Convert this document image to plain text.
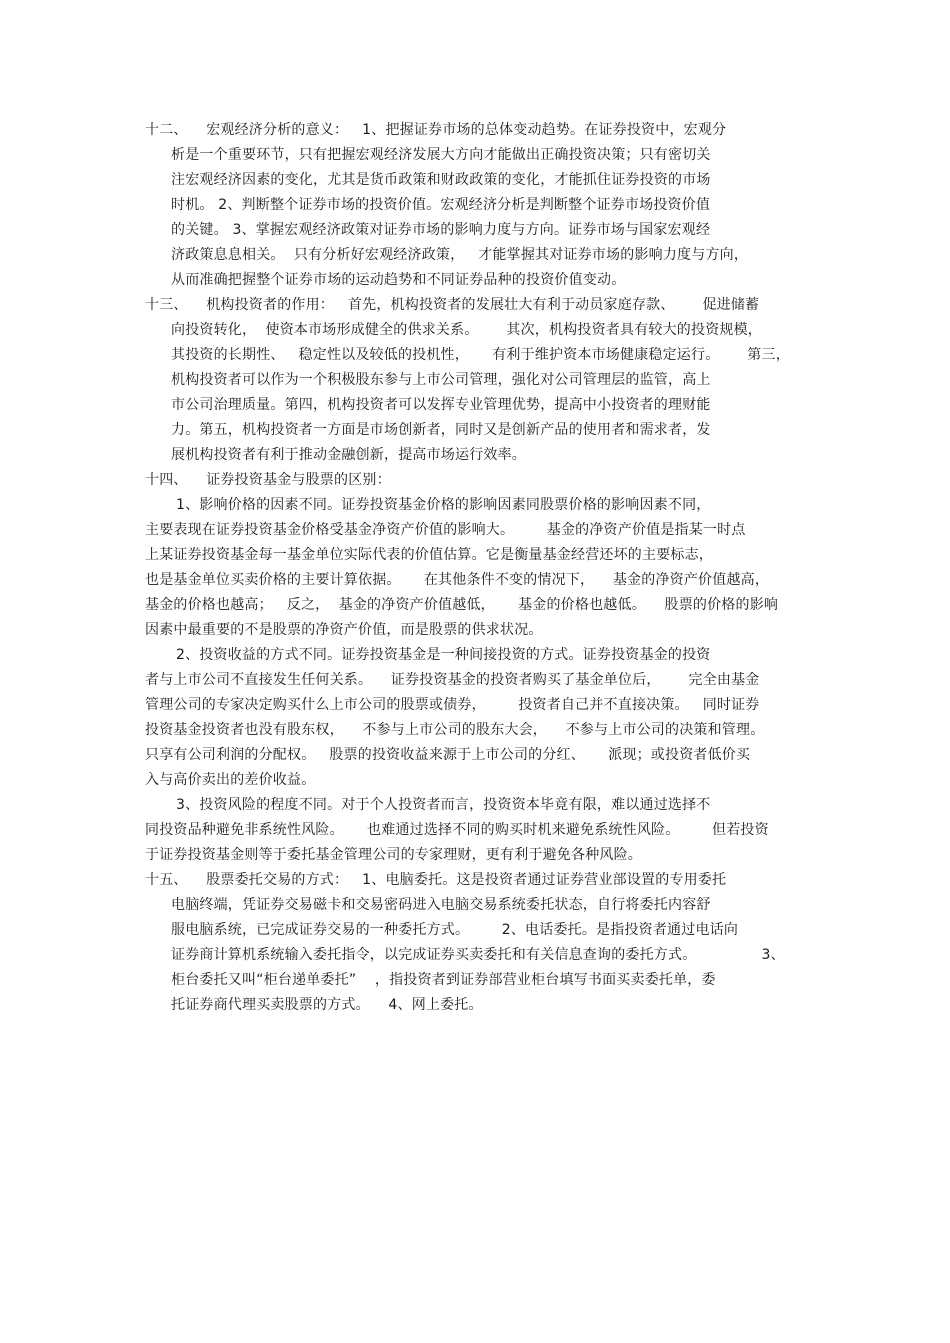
十二、    宏观经济分析的意义：   1、把握证券市场的总体变动趋势。在证券投资中，宏观分
析是一个重要环节，只有把握宏观经济发展大方向才能做出正确投资决策；只有密切关
注宏观经济因素的变化，尤其是货币政策和财政政策的变化，才能抓住证券投资的市场
时机。 2、判断整个证券市场的投资价值。宏观经济分析是判断整个证券市场投资价值
的关键。 3、掌握宏观经济政策对证券市场的影响力度与方向。证券市场与国家宏观经
济政策息息相关。  只有分析好宏观经济政策，   才能掌握其对证券市场的影响力度与方向，
从而准确把握整个证券市场的运动趋势和不同证券品种的投资价值变动。
十三、    机构投资者的作用：   首先，机构投资者的发展壮大有利于动员家庭存款、      促进储蓄
向投资转化，  使资本市场形成健全的供求关系。      其次，机构投资者具有较大的投资规模，
其投资的长期性、   稳定性以及较低的投机性，     有利于维护资本市场健康稳定运行。      第三，
机构投资者可以作为一个积极股东参与上市公司管理，强化对公司管理层的监管，高上
市公司治理质量。第四，机构投资者可以发挥专业管理优势，提高中小投资者的理财能
力。第五，机构投资者一方面是市场创新者，同时又是创新产品的使用者和需求者，发
展机构投资者有利于推动金融创新，提高市场运行效率。
十四、    证券投资基金与股票的区别：
1、影响价格的因素不同。证券投资基金价格的影响因素同股票价格的影响因素不同，
主要表现在证券投资基金价格受基金净资产价值的影响大。       基金的净资产价值是指某一时点
上某证券投资基金每一基金单位实际代表的价值估算。它是衡量基金经营还坏的主要标志，
也是基金单位买卖价格的主要计算依据。     在其他条件不变的情况下，    基金的净资产价值越高，
基金的价格也越高；   反之，  基金的净资产价值越低，     基金的价格也越低。    股票的价格的影响
因素中最重要的不是股票的净资产价值，而是股票的供求状况。
2、投资收益的方式不同。证券投资基金是一种间接投资的方式。证券投资基金的投资
者与上市公司不直接发生任何关系。    证券投资基金的投资者购买了基金单位后，      完全由基金
管理公司的专家决定购买什么上市公司的股票或债券，       投资者自己并不直接决策。   同时证券
投资基金投资者也没有股东权，    不参与上市公司的股东大会，    不参与上市公司的决策和管理。
只享有公司利润的分配权。   股票的投资收益来源于上市公司的分红、     派现；或投资者低价买
入与高价卖出的差价收益。
3、投资风险的程度不同。对于个人投资者而言，投资资本毕竟有限，难以通过选择不
同投资品种避免非系统性风险。     也难通过选择不同的购买时机来避免系统性风险。       但若投资
于证券投资基金则等于委托基金管理公司的专家理财，更有利于避免各种风险。
十五、    股票委托交易的方式：   1、电脑委托。这是投资者通过证券营业部设置的专用委托
电脑终端，凭证券交易磁卡和交易密码进入电脑交易系统委托状态，自行将委托内容舒
服电脑系统，已完成证券交易的一种委托方式。       2、电话委托。是指投资者通过电话向
证券商计算机系统输入委托指令，以完成证券买卖委托和有关信息查询的委托方式。              3、
柜台委托又叫“柜台递单委托”    ，指投资者到证券部营业柜台填写书面买卖委托单，委
托证券商代理买卖股票的方式。    4、网上委托。
